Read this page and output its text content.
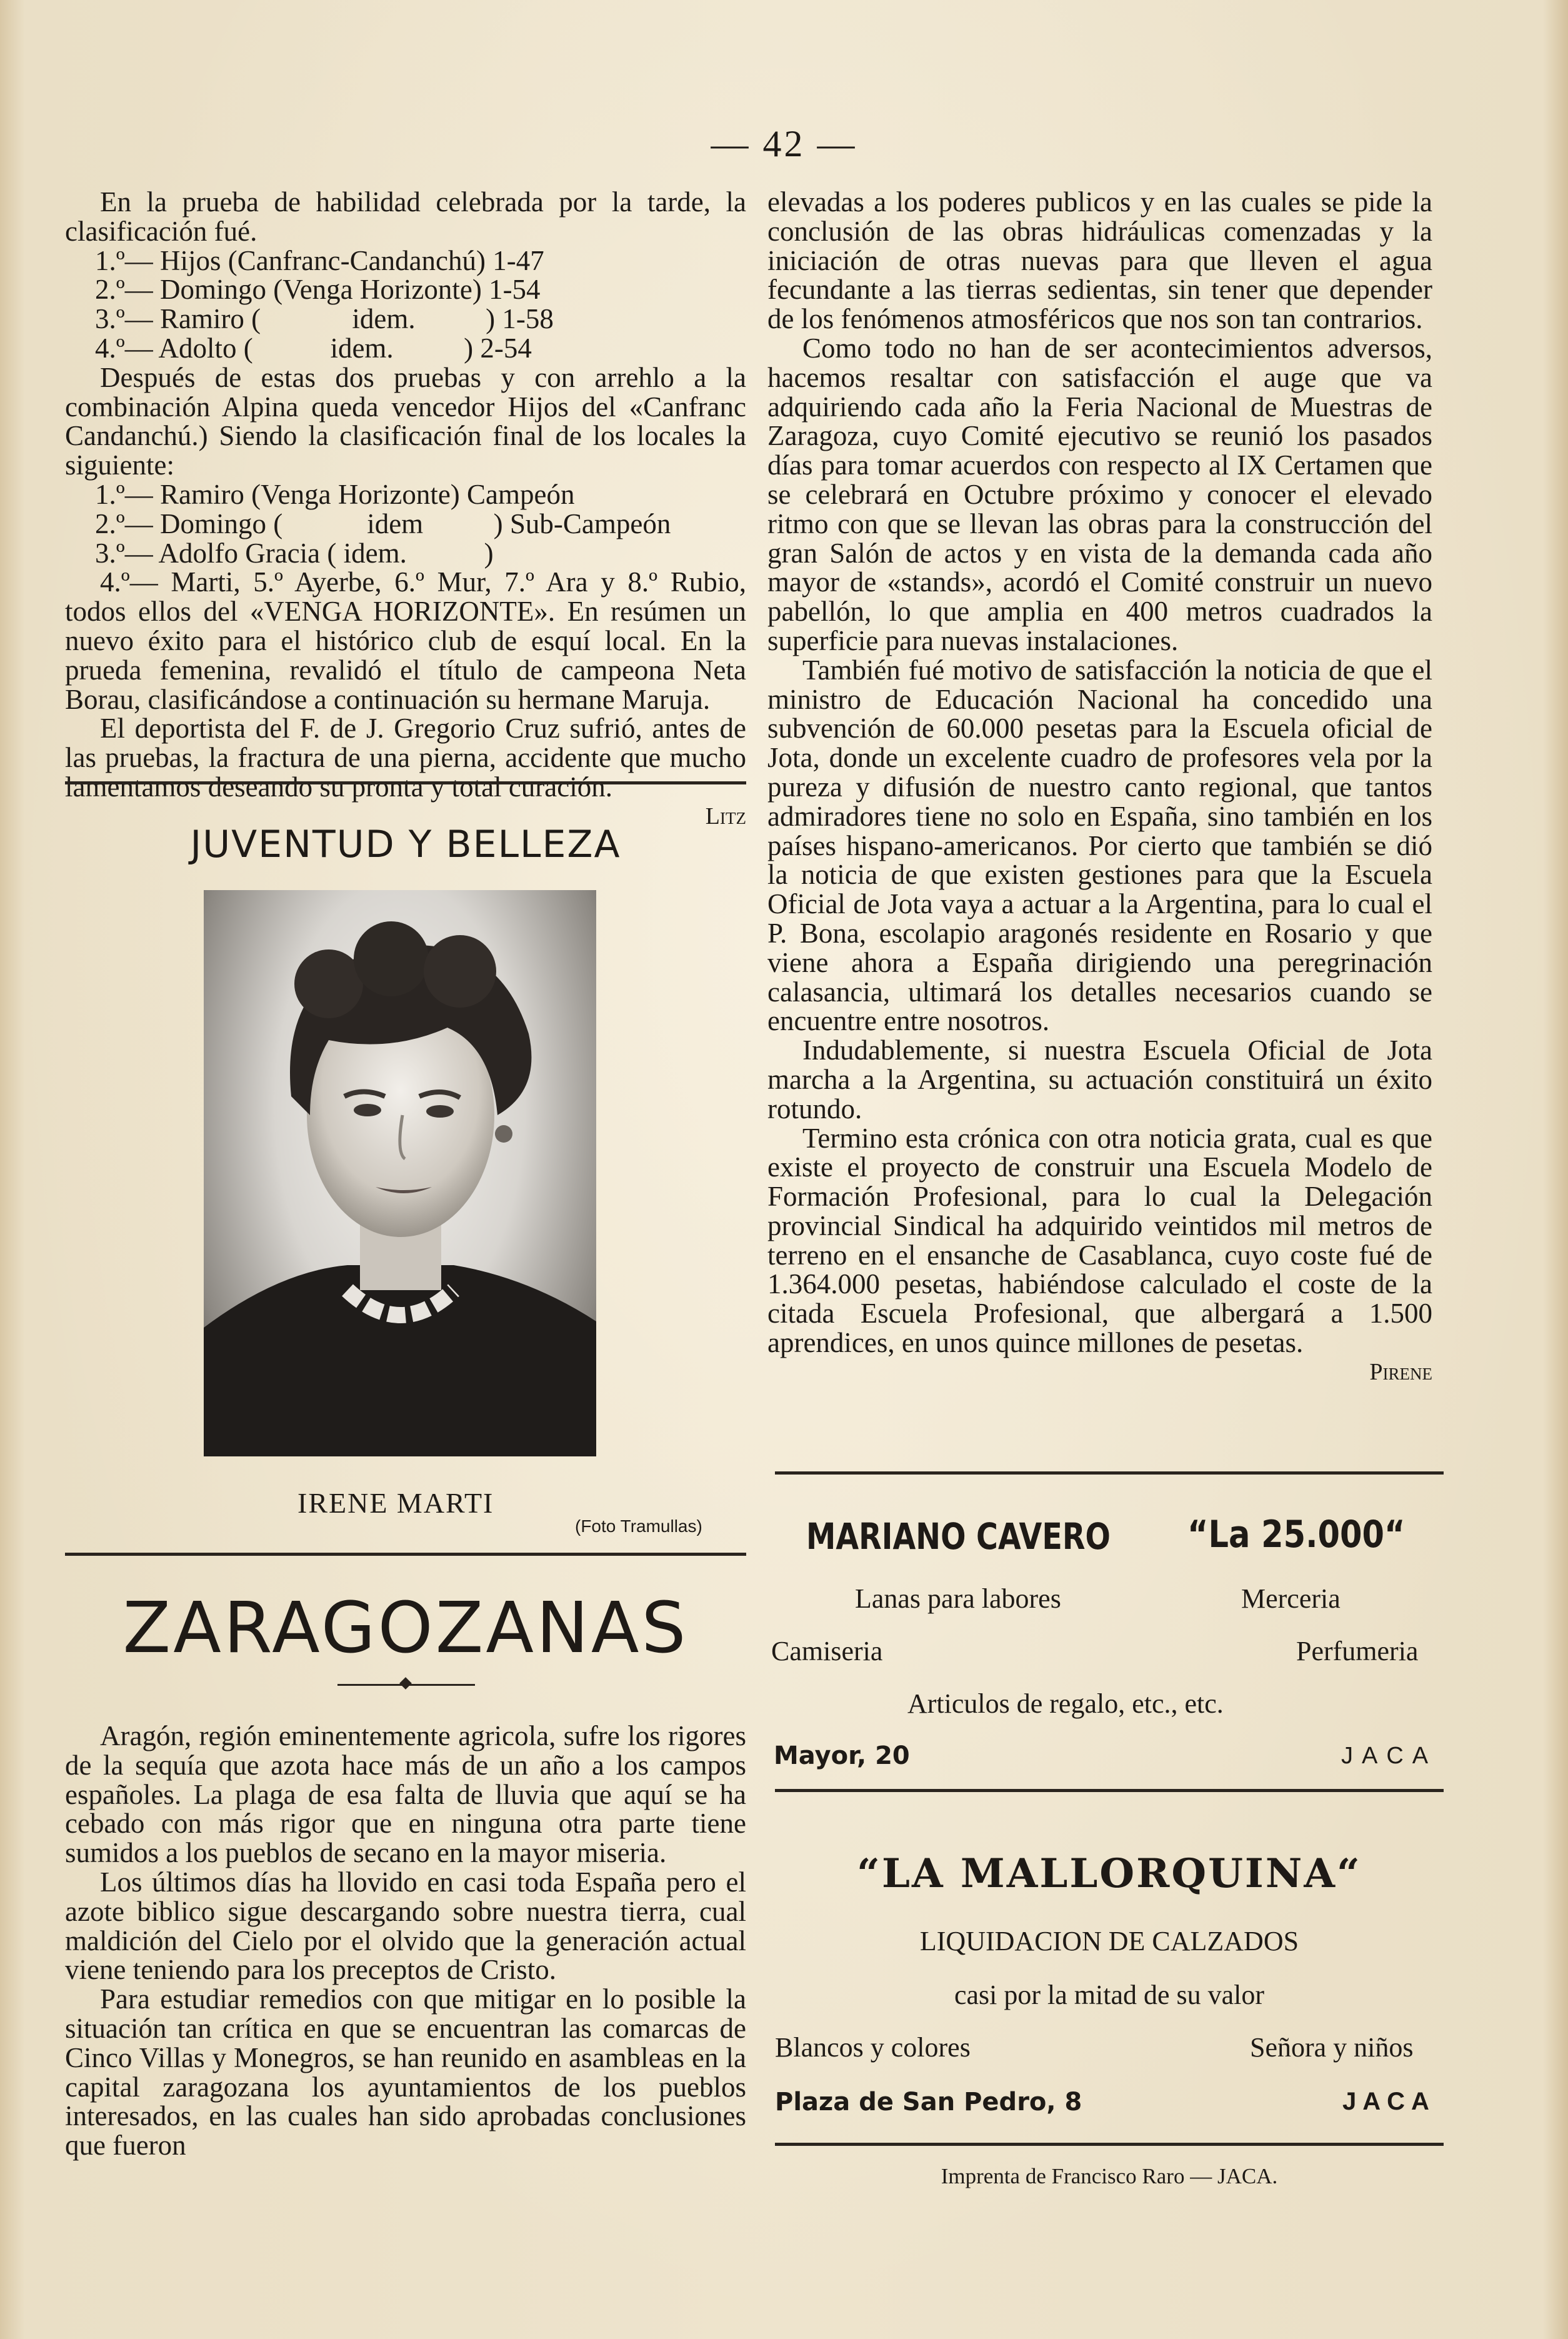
— 42 —

En la prueba de habilidad celebrada por la tarde, la clasificación fué.

1.º— Hijos (Canfranc-Candanchú) 1-47
2.º— Domingo (Venga Horizonte) 1-54
3.º— Ramiro (             idem.          ) 1-58
4.º— Adolto (           idem.          ) 2-54

Después de estas dos pruebas y con arrehlo a la combinación Alpina queda vencedor Hijos del «Canfranc Candanchú.) Siendo la clasificación final de los locales la siguiente:

1.º— Ramiro (Venga Horizonte) Campeón
2.º— Domingo (            idem          ) Sub-Campeón
3.º— Adolfo Gracia ( idem.           )

4.º— Marti, 5.º Ayerbe, 6.º Mur, 7.º Ara y 8.º Rubio, todos ellos del «VENGA HORIZONTE». En resúmen un nuevo éxito para el histórico club de esquí local. En la prueda femenina, revalidó el título de campeona Neta Borau, clasificándose a continuación su hermane Maruja.

El deportista del F. de J. Gregorio Cruz sufrió, antes de las pruebas, la fractura de una pierna, accidente que mucho lamentamos deseando su pronta y total curación.

Litz

JUVENTUD Y BELLEZA
IRENE MARTI
(Foto Tramullas)
ZARAGOZANAS

Aragón, región eminentemente agricola, sufre los rigores de la sequía que azota hace más de un año a los campos españoles. La plaga de esa falta de lluvia que aquí se ha cebado con más rigor que en ninguna otra parte tiene sumidos a los pueblos de secano en la mayor miseria.

Los últimos días ha llovido en casi toda España pero el azote biblico sigue descargando sobre nuestra tierra, cual maldición del Cielo por el olvido que la generación actual viene teniendo para los preceptos de Cristo.

Para estudiar remedios con que mitigar en lo posible la situación tan crítica en que se encuentran las comarcas de Cinco Villas y Monegros, se han reunido en asambleas en la capital zaragozana los ayuntamientos de los pueblos interesados, en las cuales han sido aprobadas conclusiones que fueron

elevadas a los poderes publicos y en las cuales se pide la conclusión de las obras hidráulicas comenzadas y la iniciación de otras nuevas para que lleven el agua fecundante a las tierras sedientas, sin tener que depender de los fenómenos atmosféricos que nos son tan contrarios.

Como todo no han de ser acontecimientos adversos, hacemos resaltar con satisfacción el auge que va adquiriendo cada año la Feria Nacional de Muestras de Zaragoza, cuyo Comité ejecutivo se reunió los pasados días para tomar acuerdos con respecto al IX Certamen que se celebrará en Octubre próximo y conocer el elevado ritmo con que se llevan las obras para la construcción del gran Salón de actos y en vista de la demanda cada año mayor de «stands», acordó el Comité construir un nuevo pabellón, lo que amplia en 400 metros cuadrados la superficie para nuevas instalaciones.

También fué motivo de satisfacción la noticia de que el ministro de Educación Nacional ha concedido una subvención de 60.000 pesetas para la Escuela oficial de Jota, donde un excelente cuadro de profesores vela por la pureza y difusión de nuestro canto regional, que tantos admiradores tiene no solo en España, sino también en los países hispano-americanos. Por cierto que también se dió la noticia de que existen gestiones para que la Escuela Oficial de Jota vaya a actuar a la Argentina, para lo cual el P. Bona, escolapio aragonés residente en Rosario y que viene ahora a España dirigiendo una peregrinación calasancia, ultimará los detalles necesarios cuando se encuentre entre nosotros.

Indudablemente, si nuestra Escuela Oficial de Jota marcha a la Argentina, su actuación constituirá un éxito rotundo.

Termino esta crónica con otra noticia grata, cual es que existe el proyecto de construir una Escuela Modelo de Formación Profesional, para lo cual la Delegación provincial Sindical ha adquirido veintidos mil metros de terreno en el ensanche de Casablanca, cuyo coste fué de 1.364.000 pesetas, habiéndose calculado el coste de la citada Escuela Profesional, que albergará a 1.500 aprendices, en unos quince millones de pesetas.

Pirene

MARIANO CAVERO “La 25.000“
Lanas para labores	Merceria
Camiseria	Perfumeria
Articulos de regalo, etc., etc.
Mayor, 20	JACA
“LA MALLORQUINA“
LIQUIDACION DE CALZADOS
casi por la mitad de su valor
Blancos y colores	Señora y niños
Plaza de San Pedro, 8	JACA
Imprenta de Francisco Raro — JACA.
